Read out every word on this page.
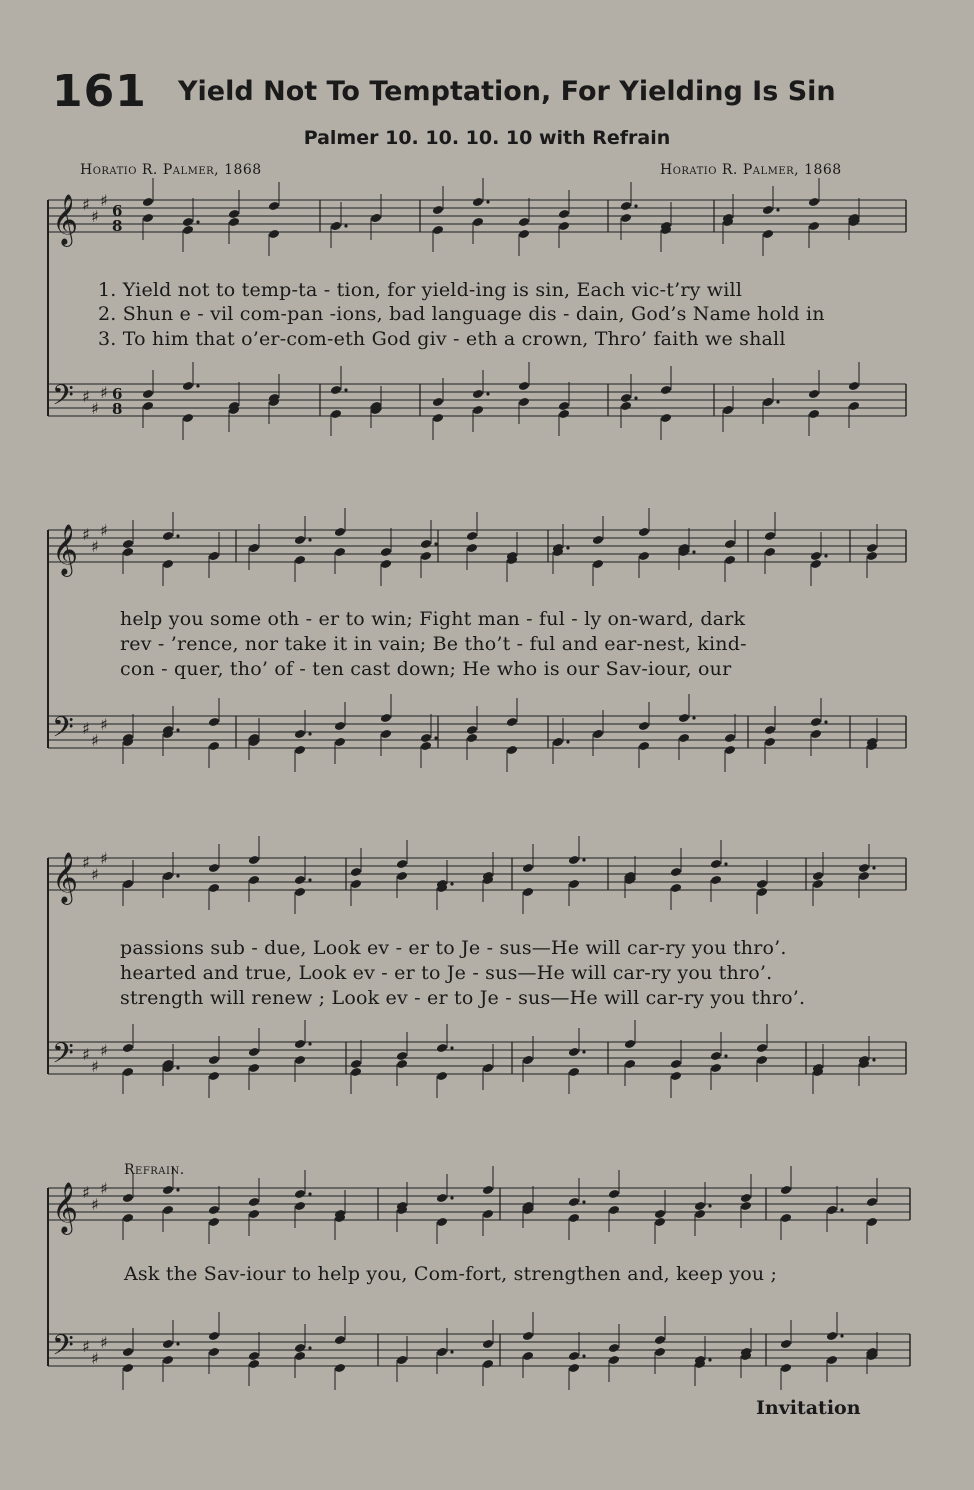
161 Yield Not To Temptation, For Yielding Is Sin
Palmer 10. 10. 10. 10 with Refrain
Horatio R. Palmer, 1868	Horatio R. Palmer, 1868
𝄞 ♯
♯
♯
𝄢 ♯
♯
♯
𝄞 ♯
♯
♯
𝄢 ♯
♯
♯
𝄞 ♯
♯
♯
𝄢 ♯
♯
♯
𝄞 ♯
♯
♯
𝄢 ♯
♯
♯
6
8
6
8
1. Yield not to temp-ta - tion, for yield-ing is sin, Each vic-t’ry will
2. Shun e - vil com-pan -ions, bad language dis - dain, God’s Name hold in
3. To him that o’er-com-eth God giv - eth a crown, Thro’ faith we shall
help you some oth - er to win; Fight man - ful - ly on-ward, dark
rev - ’rence, nor take it in vain; Be tho’t - ful and ear-nest, kind-
con - quer, tho’ of - ten cast down; He who is our Sav-iour, our
passions sub - due, Look ev - er to Je - sus—He will car-ry you thro’.
hearted and true, Look ev - er to Je - sus—He will car-ry you thro’.
strength will renew ; Look ev - er to Je - sus—He will car-ry you thro’.
Refrain.
Ask the Sav-iour to help you, Com-fort, strengthen and, keep you ;
Invitation
